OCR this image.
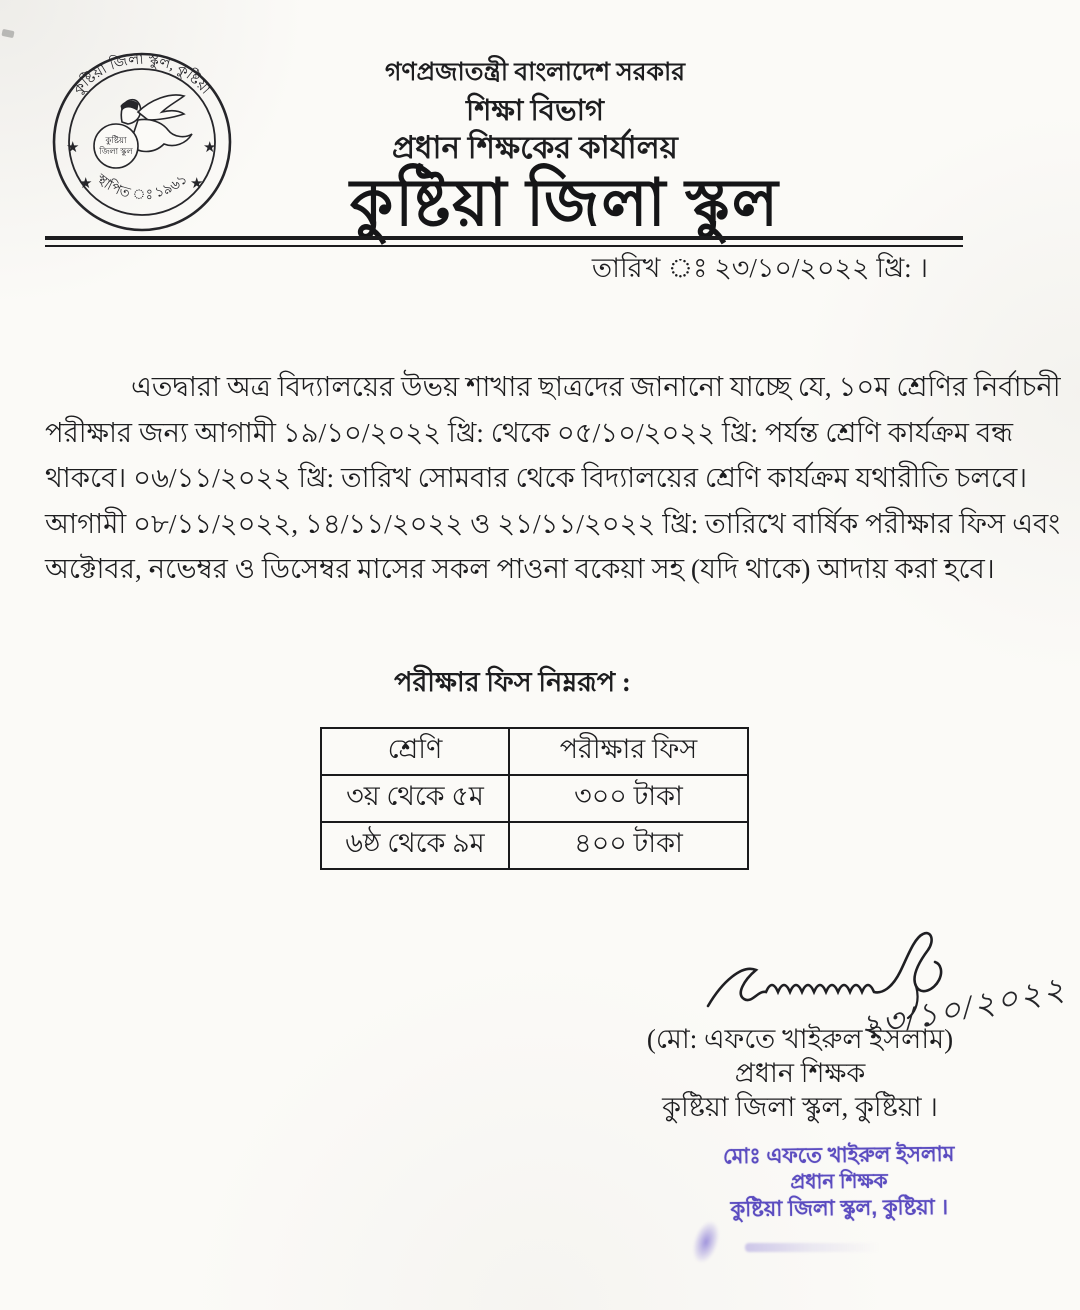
কুষ্টিয়া জিলা স্কুল, কুষ্টিয়া
স্থাপিত ঃ ১৯৬১
★
★
★
★
কুষ্টিয়া
জিলা স্কুল
গণপ্রজাতন্ত্রী বাংলাদেশ সরকার
শিক্ষা বিভাগ
প্রধান শিক্ষকের কার্যালয়
কুষ্টিয়া জিলা স্কুল
তারিখ ঃ ২৩/১০/২০২২ খ্রি: ।
এতদ্বারা অত্র বিদ্যালয়ের উভয় শাখার ছাত্রদের জানানো যাচ্ছে যে, ১০ম শ্রেণির নির্বাচনী
পরীক্ষার জন্য আগামী ১৯/১০/২০২২ খ্রি: থেকে ০৫/১০/২০২২ খ্রি: পর্যন্ত শ্রেণি কার্যক্রম বন্ধ
থাকবে। ০৬/১১/২০২২ খ্রি: তারিখ সোমবার থেকে বিদ্যালয়ের শ্রেণি কার্যক্রম যথারীতি চলবে।
আগামী ০৮/১১/২০২২, ১৪/১১/২০২২ ও ২১/১১/২০২২ খ্রি: তারিখে বার্ষিক পরীক্ষার ফিস এবং
অক্টোবর, নভেম্বর ও ডিসেম্বর মাসের সকল পাওনা বকেয়া সহ (যদি থাকে) আদায় করা হবে।
পরীক্ষার ফিস নিম্নরূপ :
শ্রেণি	পরীক্ষার ফিস
৩য় থেকে ৫ম	৩০০ টাকা
৬ষ্ঠ থেকে ৯ম	৪০০ টাকা
২৩/১০/২০২২
(মো: এফতে খাইরুল ইসলাম)
প্রধান শিক্ষক
কুষ্টিয়া জিলা স্কুল, কুষ্টিয়া ।
মোঃ এফতে খাইরুল ইসলাম
প্রধান শিক্ষক
কুষ্টিয়া জিলা স্কুল, কুষ্টিয়া ।
